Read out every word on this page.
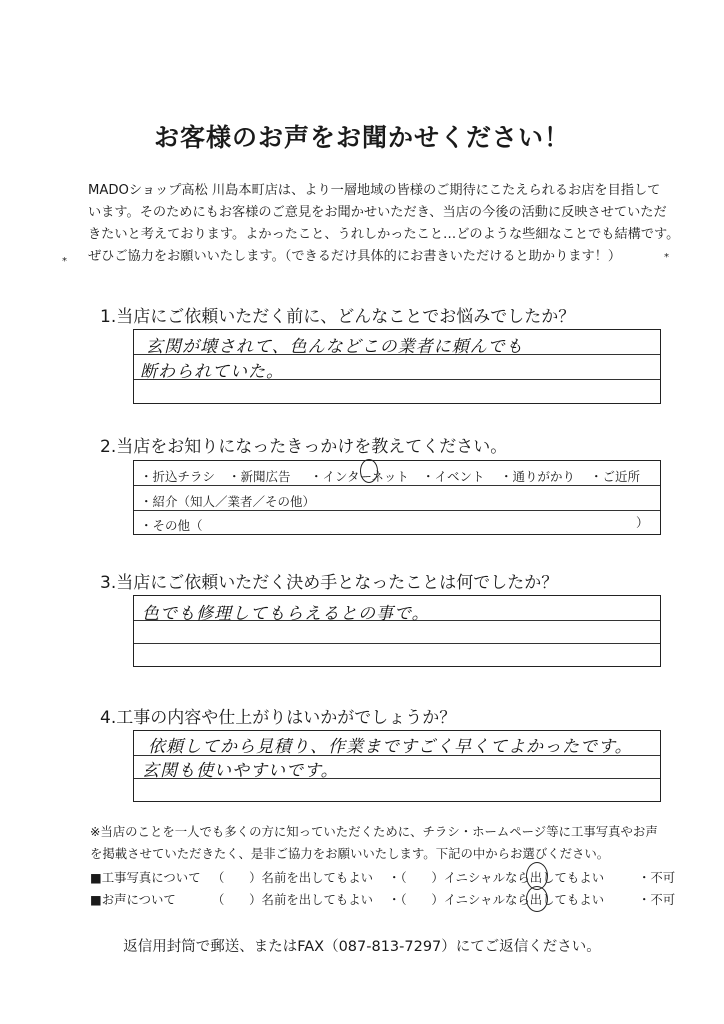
お客様のお声をお聞かせください！
MADOショップ高松 川島本町店は、より一層地域の皆様のご期待にこたえられるお店を目指して
います。そのためにもお客様のご意見をお聞かせいただき、当店の今後の活動に反映させていただ
きたいと考えております。よかったこと、うれしかったこと…どのような些細なことでも結構です。
ぜひご協力をお願いいたします。（できるだけ具体的にお書きいただけると助かります！）
*	*
1.当店にご依頼いただく前に、どんなことでお悩みでしたか？
玄関が壊されて、色んなどこの業者に頼んでも
断わられていた。
2.当店をお知りになったきっかけを教えてください。
・折込チラシ ・新聞広告 ・インターネット ・イベント ・通りがかり ・ご近所
・紹介（知人／業者／その他）
・その他（	）
3.当店にご依頼いただく決め手となったことは何でしたか？
色でも修理してもらえるとの事で。
4.工事の内容や仕上がりはいかがでしょうか？
依頼してから見積り、作業まですごく早くてよかったです。
玄関も使いやすいです。
※当店のことを一人でも多くの方に知っていただくために、チラシ・ホームページ等に工事写真やお声
を掲載させていただきたく、是非ご協力をお願いいたします。下記の中からお選びください。
■工事写真について （　　）名前を出してもよい ・（　　）イニシャルなら出してもよい	・不可
■お声について	（　　）名前を出してもよい ・（　　）イニシャルなら出してもよい	・不可
返信用封筒で郵送、またはFAX（087-813-7297）にてご返信ください。
